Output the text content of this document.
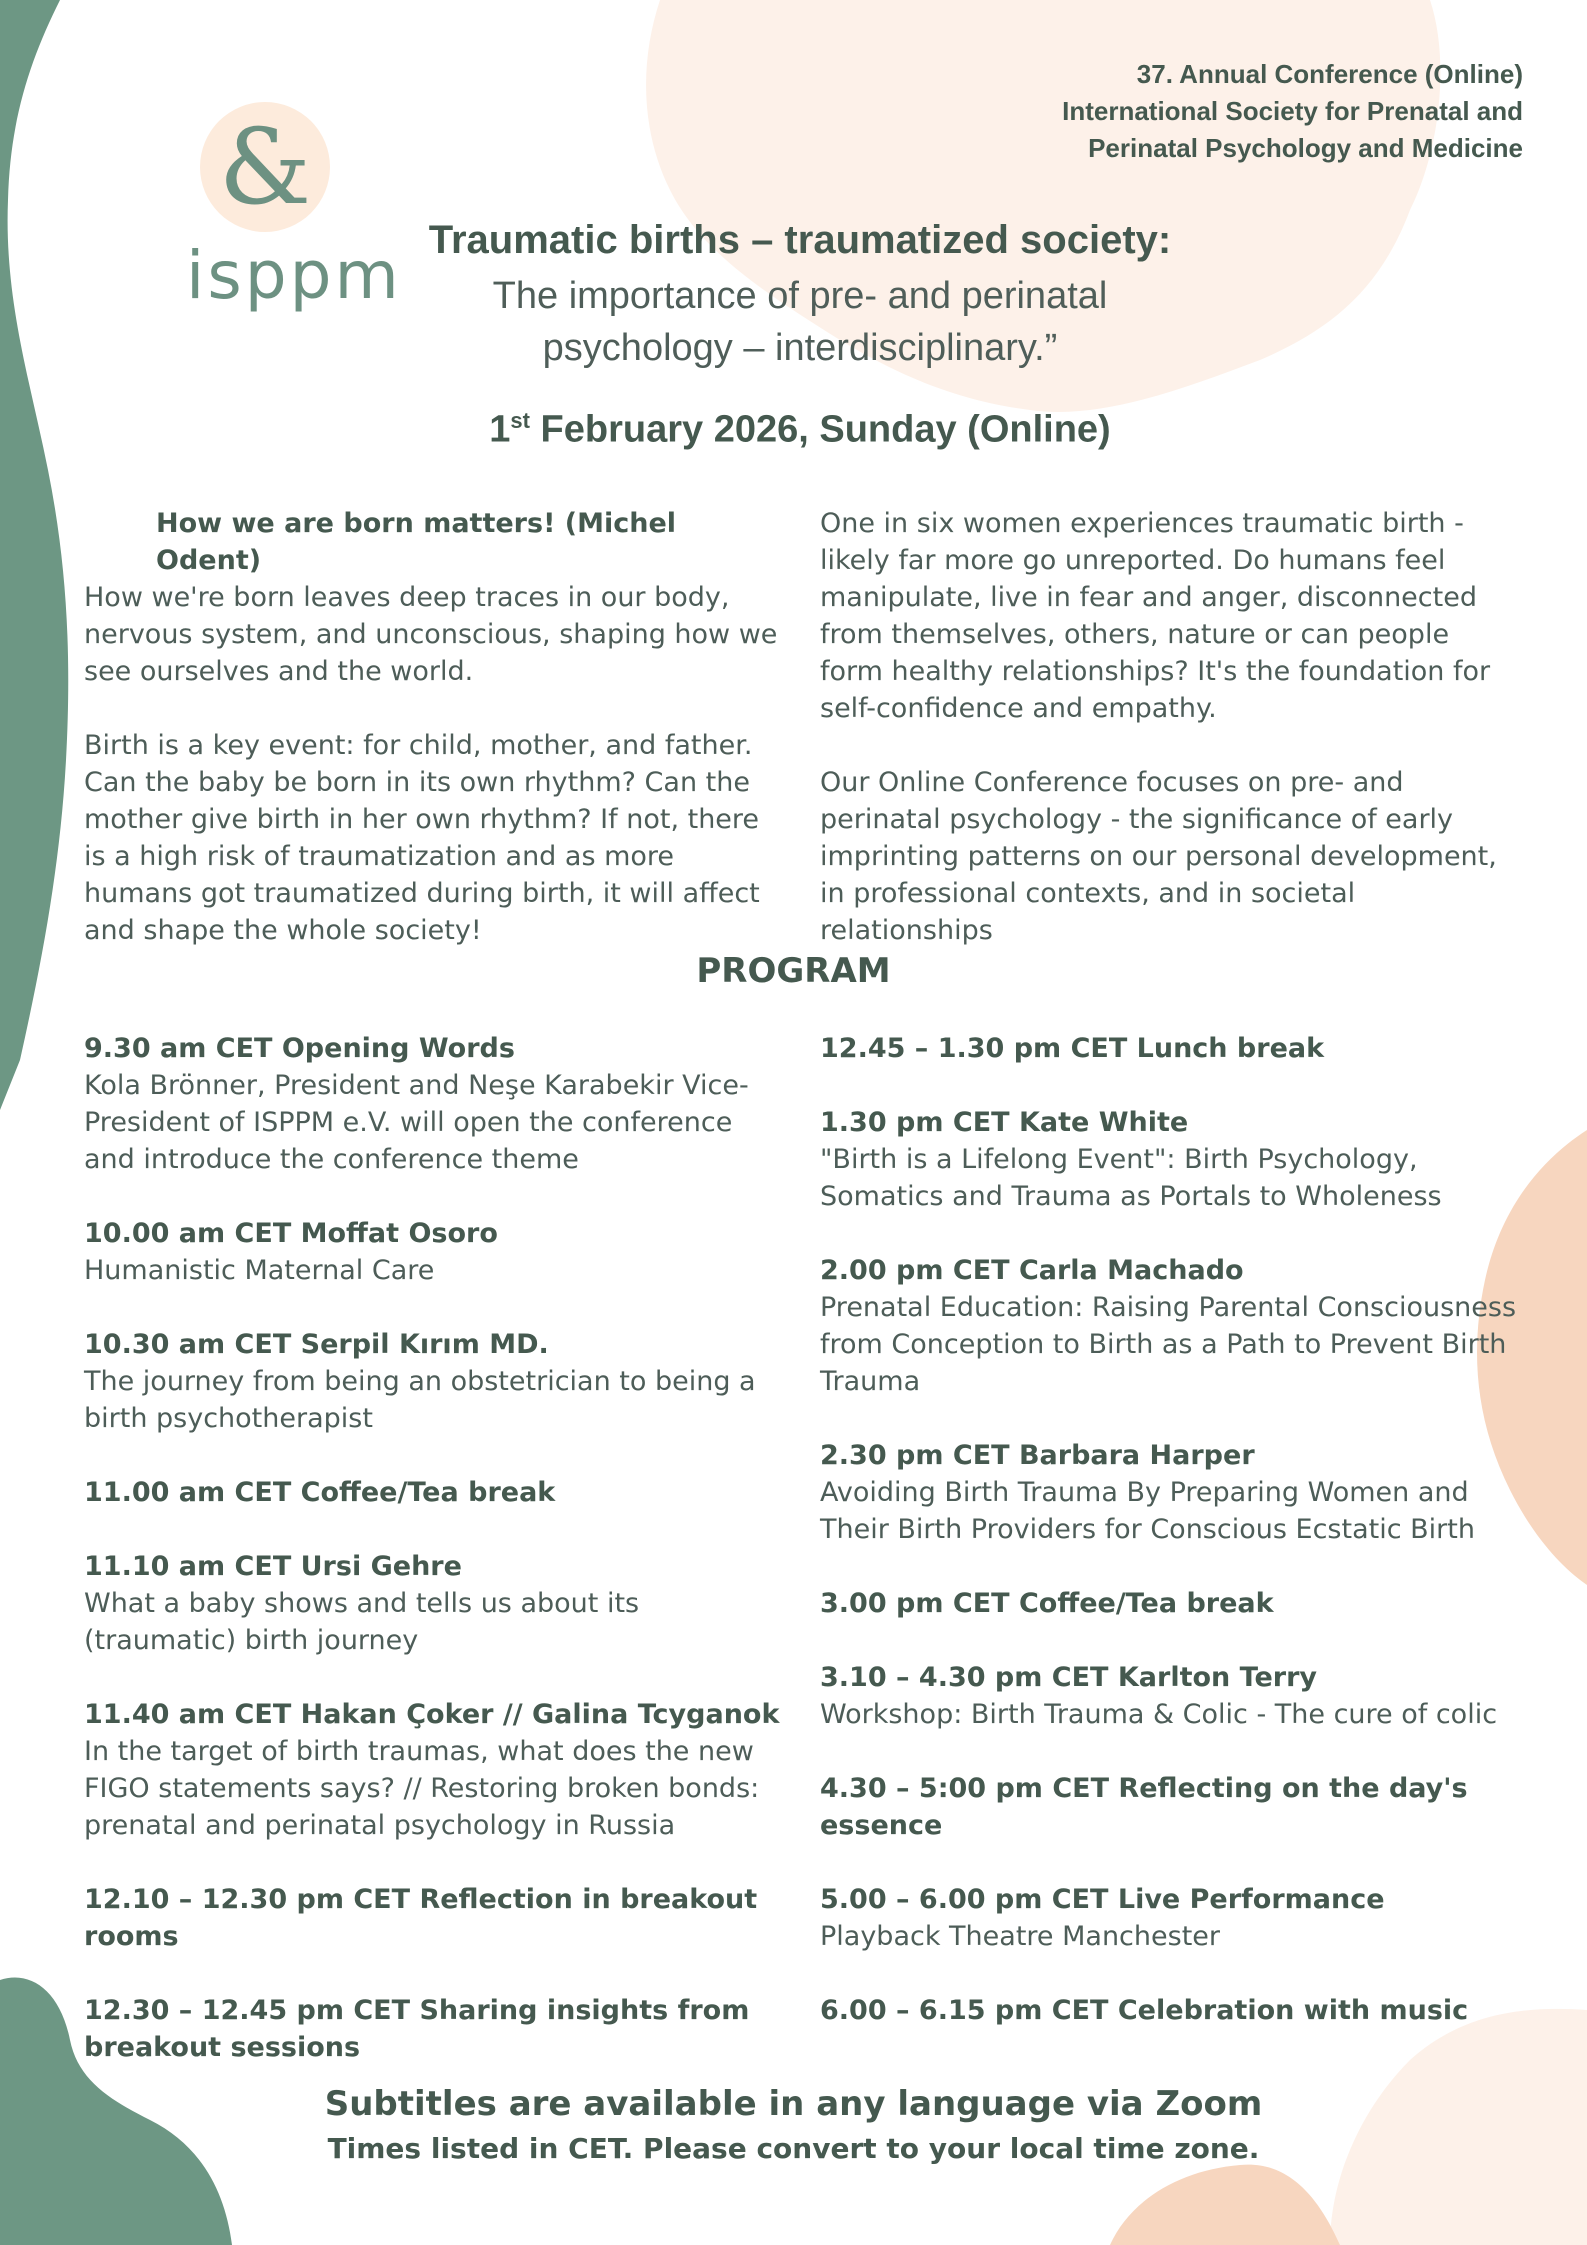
37. Annual Conference (Online)
International Society for Prenatal and
Perinatal Psychology and Medicine
&
isppm Traumatic births – traumatized society:
The importance of pre- and perinatal
psychology – interdisciplinary.”
1st February 2026, Sunday (Online)

How we are born matters! (Michel Odent)

How we're born leaves deep traces in our body, nervous system, and unconscious, shaping how we see ourselves and the world.

Birth is a key event: for child, mother, and father. Can the baby be born in its own rhythm? Can the mother give birth in her own rhythm? If not, there is a high risk of traumatization and as more humans got traumatized during birth, it will affect and shape the whole society!

One in six women experiences traumatic birth - likely far more go unreported. Do humans feel manipulate, live in fear and anger, disconnected from themselves, others, nature or can people form healthy relationships? It's the foundation for self-confidence and empathy.

Our Online Conference focuses on pre- and perinatal psychology - the significance of early imprinting patterns on our personal development, in professional contexts, and in societal relationships

PROGRAM
9.30 am CET Opening Words
Kola Brönner, President and Neşe Karabekir Vice-President of ISPPM e.V. will open the conference and introduce the conference theme
10.00 am CET Moffat Osoro
Humanistic Maternal Care
10.30 am CET Serpil Kırım MD.
The journey from being an obstetrician to being a birth psychotherapist
11.00 am CET Coffee/Tea break
11.10 am CET Ursi Gehre
What a baby shows and tells us about its (traumatic) birth journey
11.40 am CET Hakan Çoker // Galina Tcyganok
In the target of birth traumas, what does the new FIGO statements says? // Restoring broken bonds: prenatal and perinatal psychology in Russia
12.10 – 12.30 pm CET Reflection in breakout rooms
12.30 – 12.45 pm CET Sharing insights from breakout sessions
12.45 – 1.30 pm CET Lunch break
1.30 pm CET Kate White
"Birth is a Lifelong Event": Birth Psychology, Somatics and Trauma as Portals to Wholeness
2.00 pm CET Carla Machado
Prenatal Education: Raising Parental Consciousness from Conception to Birth as a Path to Prevent Birth Trauma
2.30 pm CET Barbara Harper
Avoiding Birth Trauma By Preparing Women and Their Birth Providers for Conscious Ecstatic Birth
3.00 pm CET Coffee/Tea break
3.10 – 4.30 pm CET Karlton Terry
Workshop: Birth Trauma & Colic - The cure of colic
4.30 – 5:00 pm CET Reflecting on the day's essence
5.00 – 6.00 pm CET Live Performance
Playback Theatre Manchester
6.00 – 6.15 pm CET Celebration with music
Subtitles are available in any language via Zoom
Times listed in CET. Please convert to your local time zone.
